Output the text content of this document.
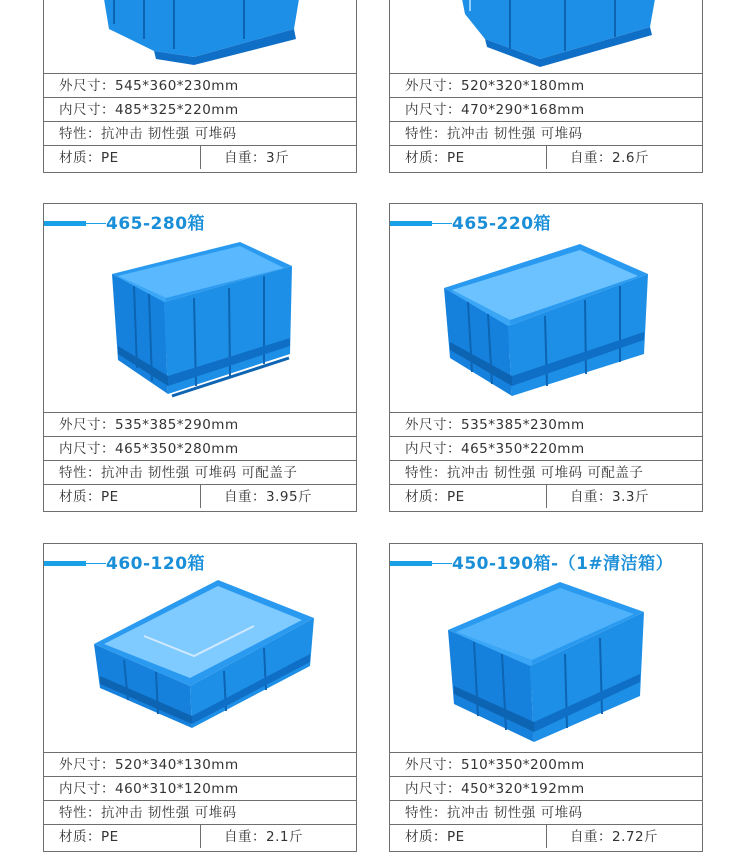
外尺寸：545*360*230mm
内尺寸：485*325*220mm
特性：抗冲击 韧性强 可堆码
材质：PE	自重：3斤
外尺寸：520*320*180mm
内尺寸：470*290*168mm
特性：抗冲击 韧性强 可堆码
材质：PE	自重：2.6斤
465-280箱
外尺寸：535*385*290mm
内尺寸：465*350*280mm
特性：抗冲击 韧性强 可堆码 可配盖子
材质：PE	自重：3.95斤
465-220箱
外尺寸：535*385*230mm
内尺寸：465*350*220mm
特性：抗冲击 韧性强 可堆码 可配盖子
材质：PE	自重：3.3斤
460-120箱
外尺寸：520*340*130mm
内尺寸：460*310*120mm
特性：抗冲击 韧性强 可堆码
材质：PE	自重：2.1斤
450-190箱-（1#清洁箱）
外尺寸：510*350*200mm
内尺寸：450*320*192mm
特性：抗冲击 韧性强 可堆码
材质：PE	自重：2.72斤
